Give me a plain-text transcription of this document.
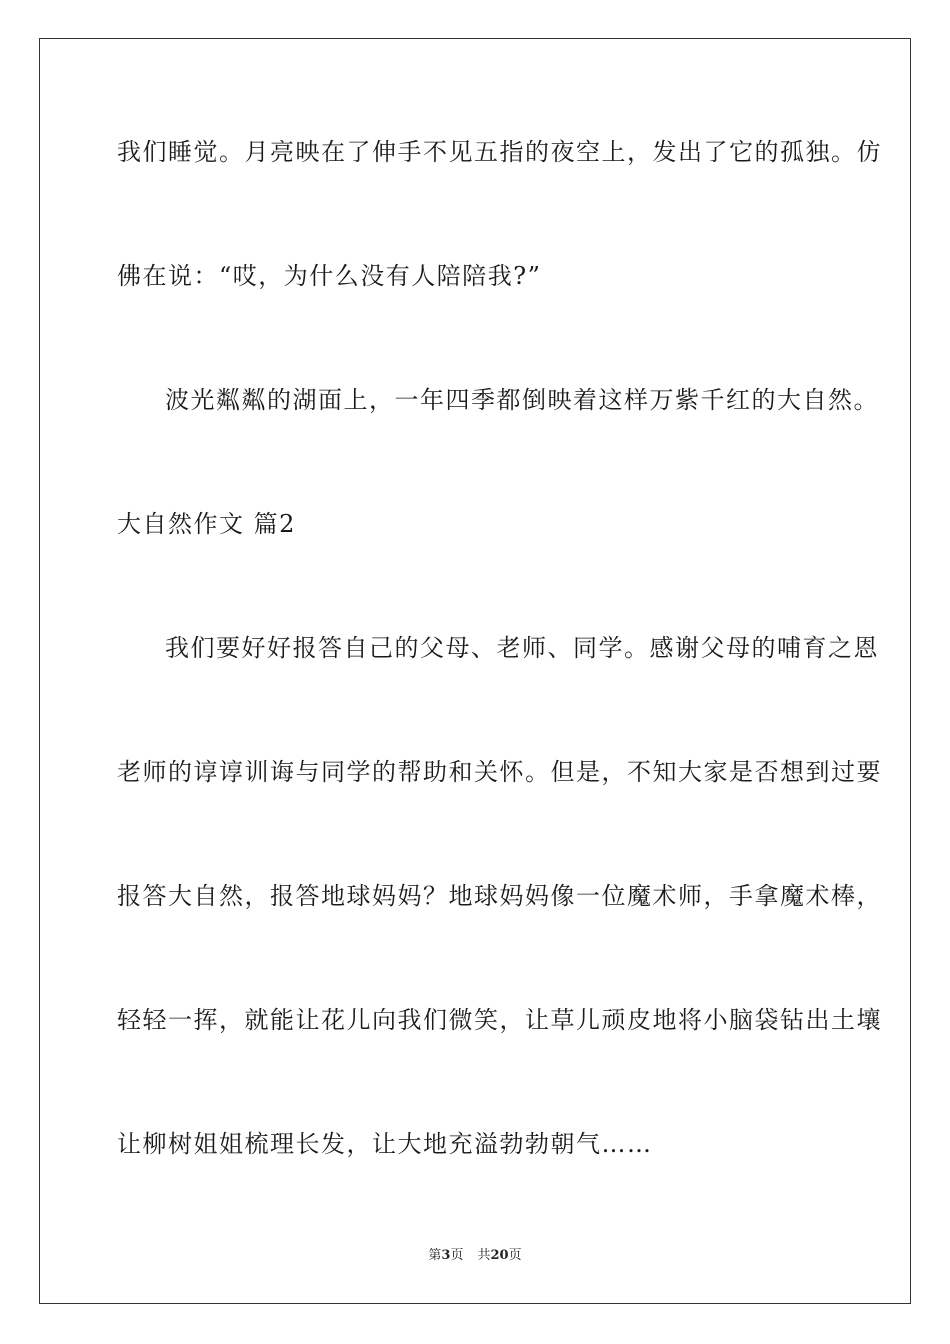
我们睡觉。月亮映在了伸手不见五指的夜空上，发出了它的孤独。仿
佛在说：“哎，为什么没有人陪陪我?”
波光粼粼的湖面上，一年四季都倒映着这样万紫千红的大自然。
大自然作文 篇2
我们要好好报答自己的父母、老师、同学。感谢父母的哺育之恩
老师的谆谆训诲与同学的帮助和关怀。但是，不知大家是否想到过要
报答大自然，报答地球妈妈？地球妈妈像一位魔术师，手拿魔术棒，
轻轻一挥，就能让花儿向我们微笑，让草儿顽皮地将小脑袋钻出土壤
让柳树姐姐梳理长发，让大地充溢勃勃朝气……
第3页 共20页
